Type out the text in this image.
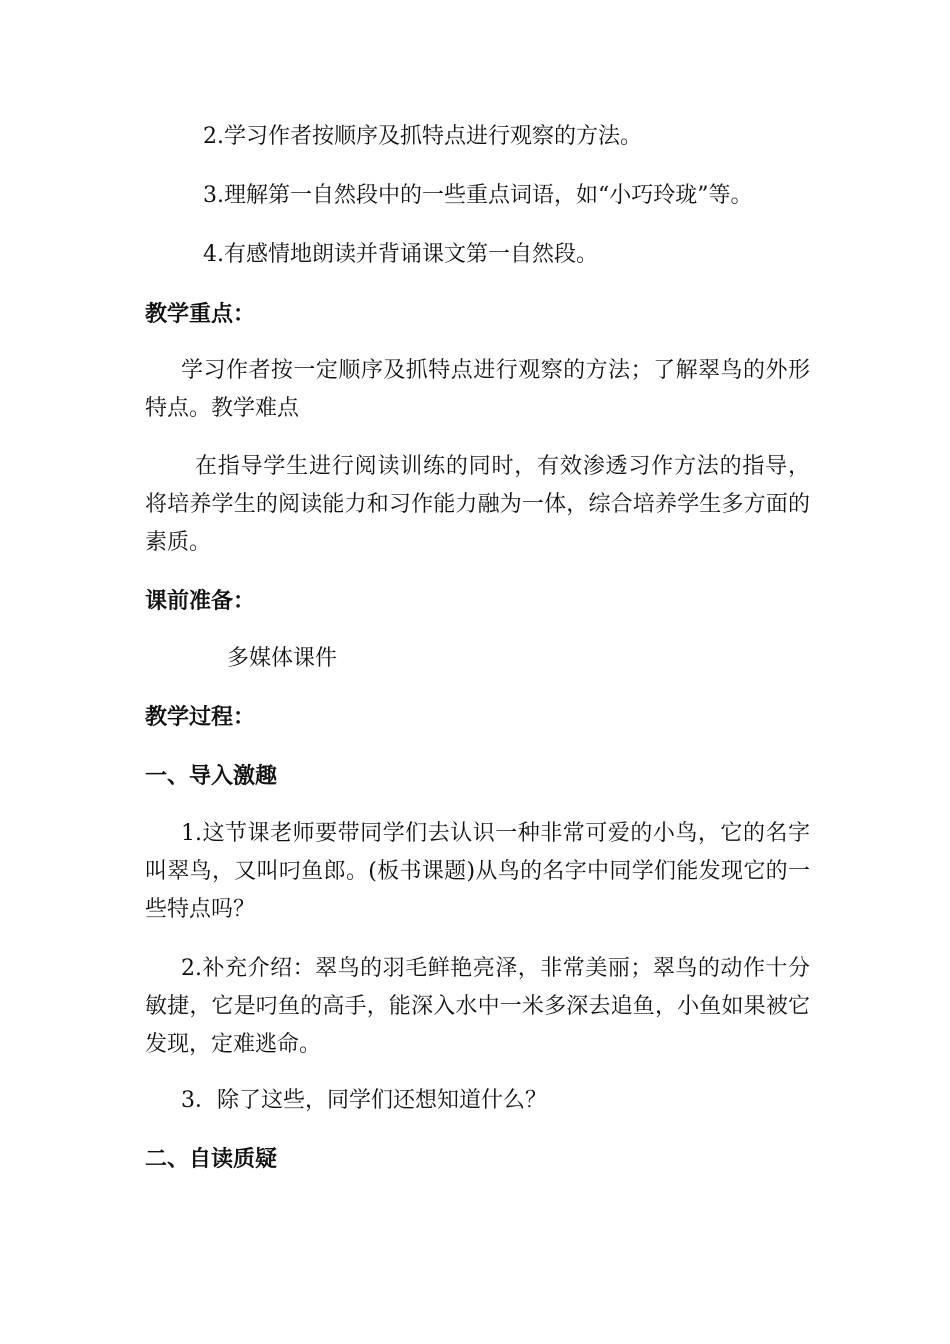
2.学习作者按顺序及抓特点进行观察的方法。
3.理解第一自然段中的一些重点词语，如“小巧玲珑”等。
4.有感情地朗读并背诵课文第一自然段。
教学重点：
学习作者按一定顺序及抓特点进行观察的方法；了解翠鸟的外形特点。教学难点
在指导学生进行阅读训练的同时，有效渗透习作方法的指导，将培养学生的阅读能力和习作能力融为一体，综合培养学生多方面的素质。
课前准备：
多媒体课件
教学过程：
一、导入激趣
1.这节课老师要带同学们去认识一种非常可爱的小鸟，它的名字叫翠鸟，又叫叼鱼郎。(板书课题)从鸟的名字中同学们能发现它的一些特点吗？
2.补充介绍：翠鸟的羽毛鲜艳亮泽，非常美丽；翠鸟的动作十分敏捷，它是叼鱼的高手，能深入水中一米多深去追鱼，小鱼如果被它发现，定难逃命。
3．除了这些，同学们还想知道什么？
二、自读质疑
